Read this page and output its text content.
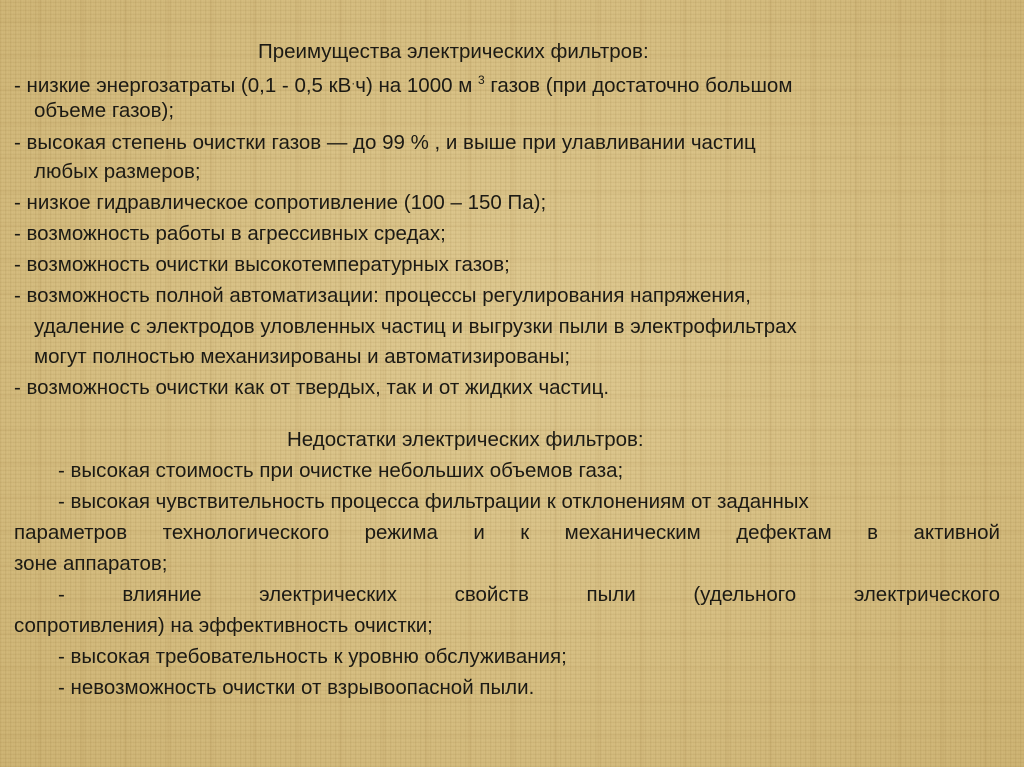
Преимущества электрических фильтров:
- низкие энергозатраты (0,1 - 0,5 кВ·ч) на 1000 м $^3$ газов (при достаточно большом
объеме газов);
- высокая степень очистки газов — до 99 % , и выше при улавливании частиц
любых размеров;
- низкое гидравлическое сопротивление (100 – 150 Па);
- возможность работы в агрессивных средах;
- возможность очистки высокотемпературных газов;
- возможность полной автоматизации: процессы регулирования напряжения,
удаление с электродов уловленных частиц и выгрузки пыли в электрофильтрах
могут полностью механизированы и автоматизированы;
- возможность очистки как от твердых, так и от жидких частиц.
Недостатки электрических фильтров:
- высокая стоимость при очистке небольших объемов газа;
- высокая чувствительность процесса фильтрации к отклонениям от заданных
параметров технологического режима и к механическим дефектам в активной
зоне аппаратов;
- влияние электрических свойств пыли (удельного электрического
сопротивления) на эффективность очистки;
- высокая требовательность к уровню обслуживания;
- невозможность очистки от взрывоопасной пыли.
